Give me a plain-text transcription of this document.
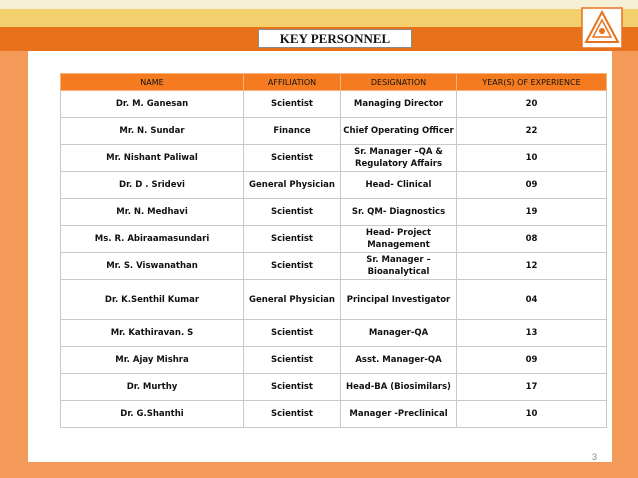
KEY PERSONNEL
NAME	AFFILIATION	DESIGNATION	YEAR(S) OF EXPERIENCE
Dr. M. Ganesan	Scientist	Managing Director	20
Mr. N. Sundar	Finance	Chief Operating Officer	22
Mr. Nishant Paliwal	Scientist	Sr. Manager –QA & Regulatory Affairs	10
Dr. D . Sridevi	General Physician	Head- Clinical	09
Mr. N. Medhavi	Scientist	Sr. QM- Diagnostics	19
Ms. R. Abiraamasundari	Scientist	Head- Project Management	08
Mr. S. Viswanathan	Scientist	Sr. Manager – Bioanalytical	12
Dr. K.Senthil Kumar	General Physician	Principal Investigator	04
Mr. Kathiravan. S	Scientist	Manager-QA	13
Mr. Ajay Mishra	Scientist	Asst. Manager-QA	09
Dr. Murthy	Scientist	Head-BA (Biosimilars)	17
Dr. G.Shanthi	Scientist	Manager -Preclinical	10
3
